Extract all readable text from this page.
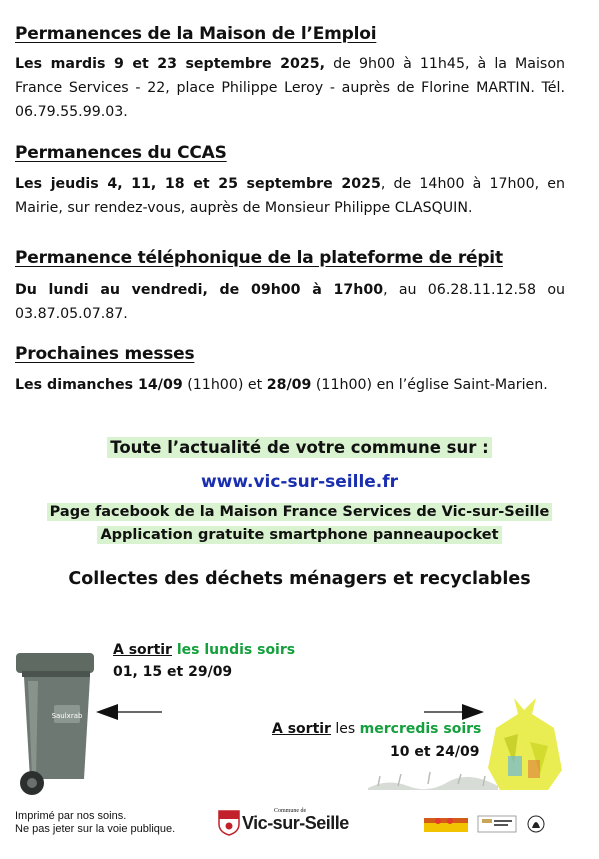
Permanences de la Maison de l’Emploi
Les mardis 9 et 23 septembre 2025, de 9h00 à 11h45, à la Maison France Services - 22, place Philippe Leroy - auprès de Florine MARTIN. Tél. 06.79.55.99.03.
Permanences du CCAS
Les jeudis 4, 11, 18 et 25 septembre 2025, de 14h00 à 17h00, en Mairie, sur rendez-vous, auprès de Monsieur Philippe CLASQUIN.
Permanence téléphonique de la plateforme de répit
Du lundi au vendredi, de 09h00 à 17h00, au 06.28.11.12.58 ou 03.87.05.07.87.
Prochaines messes
Les dimanches 14/09 (11h00) et 28/09 (11h00) en l’église Saint-Marien.
Toute l’actualité de votre commune sur :
www.vic-sur-seille.fr
Page facebook de la Maison France Services de Vic-sur-Seille
Application gratuite smartphone panneaupocket
Collectes des déchets ménagers et recyclables
A sortir les lundis soirs
01, 15 et 29/09
Saulxrab
A sortir les mercredis soirs
10 et 24/09
Imprimé par nos soins.
Ne pas jeter sur la voie publique.
Commune de
Vic-sur-Seille
